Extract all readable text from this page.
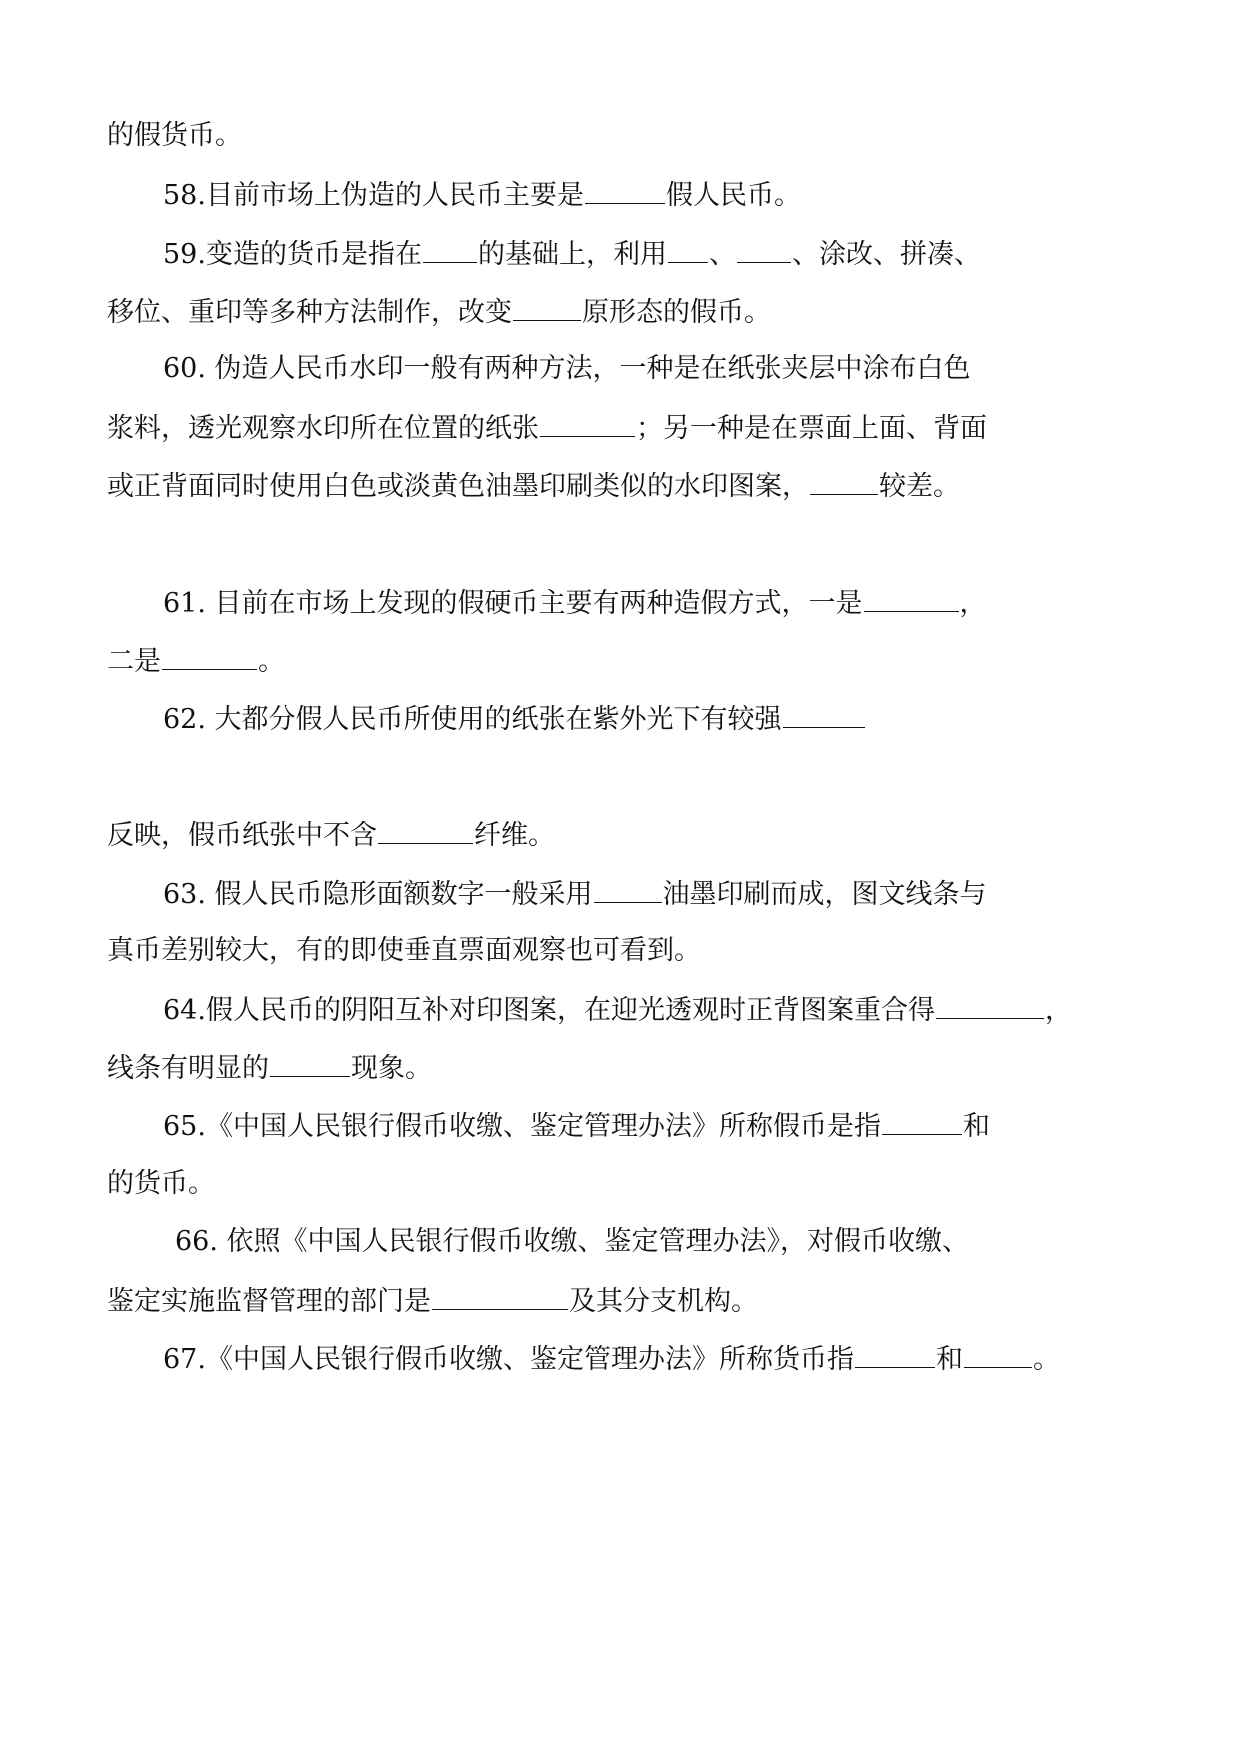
的假货币。
58.目前市场上伪造的人民币主要是	假人民币。
59.变造的货币是指在 的基础上，利用 、 、涂改、拼凑、
移位、重印等多种方法制作，改变	原形态的假币。
60. 伪造人民币水印一般有两种方法，一种是在纸张夹层中涂布白色
浆料，透光观察水印所在位置的纸张	；另一种是在票面上面、背面
或正背面同时使用白色或淡黄色油墨印刷类似的水印图案，	较差。
61. 目前在市场上发现的假硬币主要有两种造假方式，一是	，
二是	。
62. 大都分假人民币所使用的纸张在紫外光下有较强
反映，假币纸张中不含	纤维。
63. 假人民币隐形面额数字一般采用	油墨印刷而成，图文线条与
真币差别较大，有的即使垂直票面观察也可看到。
64.假人民币的阴阳互补对印图案，在迎光透观时正背图案重合得	，
线条有明显的	现象。
65.《中国人民银行假币收缴、鉴定管理办法》所称假币是指	和
的货币。
66. 依照《中国人民银行假币收缴、鉴定管理办法》，对假币收缴、
鉴定实施监督管理的部门是	及其分支机构。
67.《中国人民银行假币收缴、鉴定管理办法》所称货币指	和	。
